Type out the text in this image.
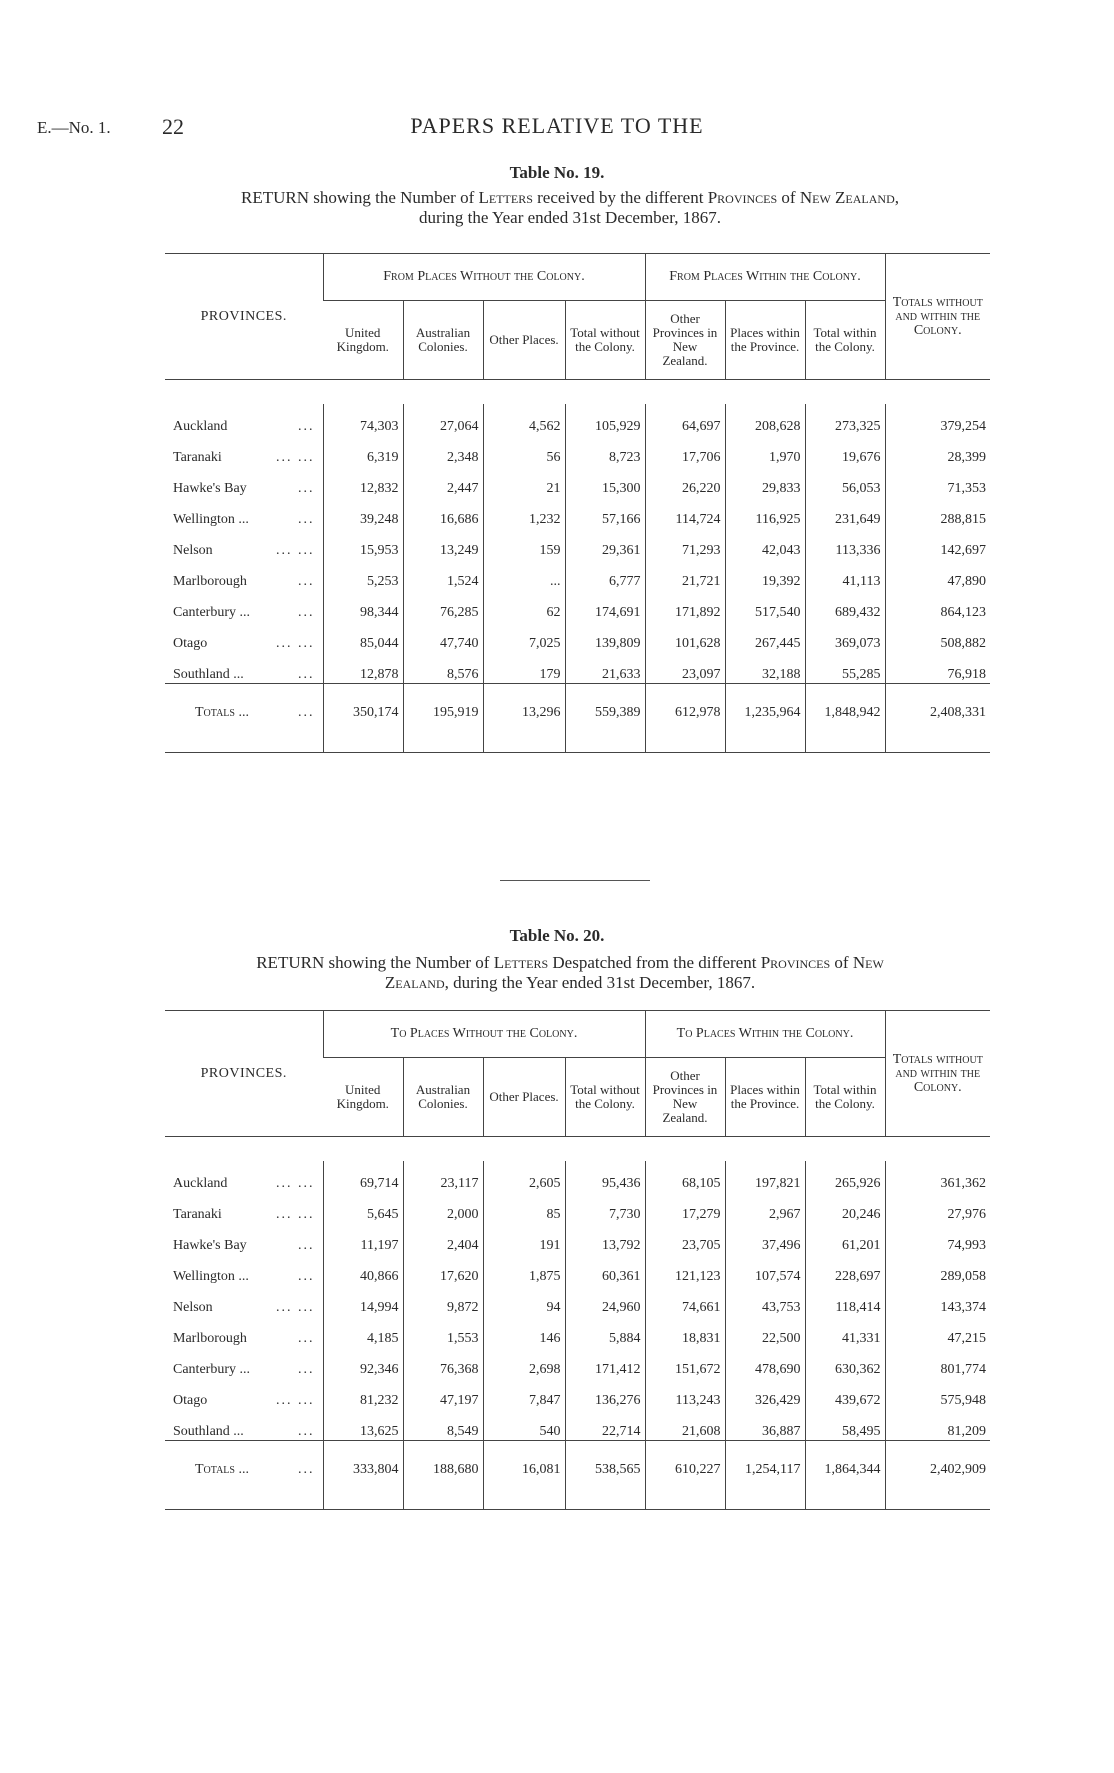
E.—No. 1. 22	PAPERS RELATIVE TO THE
Table No. 19.
RETURN showing the Number of Letters received by the different Provinces of New Zealand,
during the Year ended 31st December, 1867.

PROVINCES.	From Places Without the Colony.				From Places Within the Colony.			Totals without and within the Colony.
	United Kingdom.	Australian Colonies.	Other Places.	Total without the Colony.	Other Provinces in New Zealand.	Places within the Province.	Total within the Colony.	

Auckland ...	74,303	27,064	4,562	105,929	64,697	208,628	273,325	379,254
Taranaki ... ...	6,319	2,348	56	8,723	17,706	1,970	19,676	28,399
Hawke's Bay ...	12,832	2,447	21	15,300	26,220	29,833	56,053	71,353
Wellington ... ...	39,248	16,686	1,232	57,166	114,724	116,925	231,649	288,815
Nelson ... ...	15,953	13,249	159	29,361	71,293	42,043	113,336	142,697
Marlborough ...	5,253	1,524	...	6,777	21,721	19,392	41,113	47,890
Canterbury ... ...	98,344	76,285	62	174,691	171,892	517,540	689,432	864,123
Otago ... ...	85,044	47,740	7,025	139,809	101,628	267,445	369,073	508,882
Southland ... ...	12,878	8,576	179	21,633	23,097	32,188	55,285	76,918
Totals ... ...	350,174	195,919	13,296	559,389	612,978	1,235,964	1,848,942	2,408,331

Table No. 20.
RETURN showing the Number of Letters Despatched from the different Provinces of New
Zealand, during the Year ended 31st December, 1867.

PROVINCES.	To Places Without the Colony.				To Places Within the Colony.			Totals without and within the Colony.
	United Kingdom.	Australian Colonies.	Other Places.	Total without the Colony.	Other Provinces in New Zealand.	Places within the Province.	Total within the Colony.	

Auckland ... ...	69,714	23,117	2,605	95,436	68,105	197,821	265,926	361,362
Taranaki ... ...	5,645	2,000	85	7,730	17,279	2,967	20,246	27,976
Hawke's Bay ...	11,197	2,404	191	13,792	23,705	37,496	61,201	74,993
Wellington ... ...	40,866	17,620	1,875	60,361	121,123	107,574	228,697	289,058
Nelson ... ...	14,994	9,872	94	24,960	74,661	43,753	118,414	143,374
Marlborough ...	4,185	1,553	146	5,884	18,831	22,500	41,331	47,215
Canterbury ... ...	92,346	76,368	2,698	171,412	151,672	478,690	630,362	801,774
Otago ... ...	81,232	47,197	7,847	136,276	113,243	326,429	439,672	575,948
Southland ... ...	13,625	8,549	540	22,714	21,608	36,887	58,495	81,209
Totals ... ...	333,804	188,680	16,081	538,565	610,227	1,254,117	1,864,344	2,402,909
